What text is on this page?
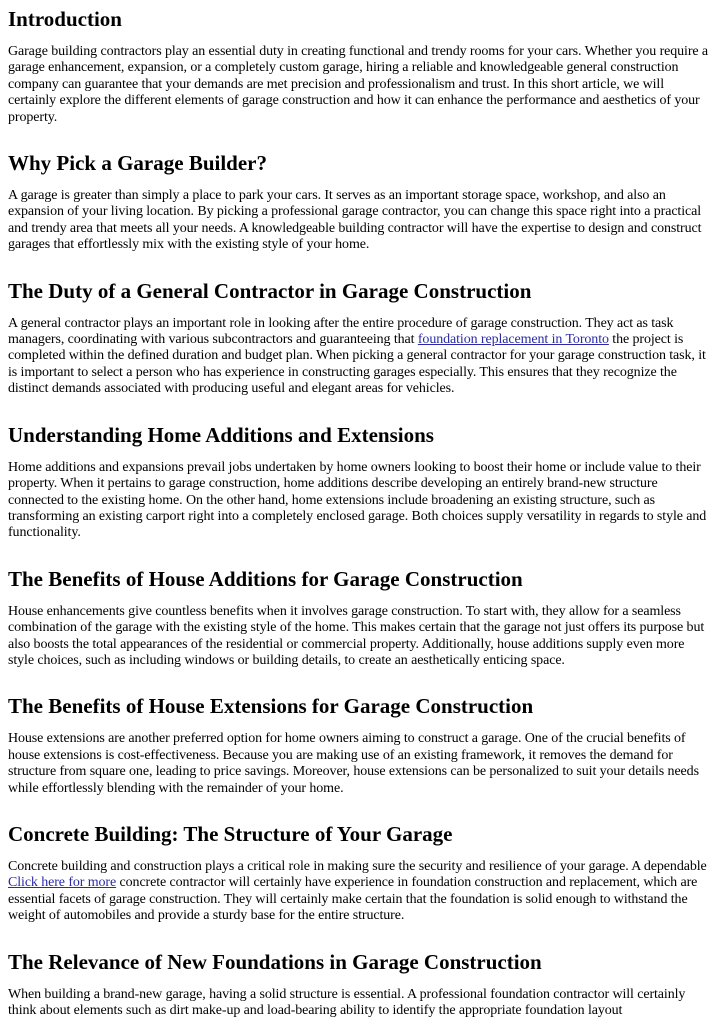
Introduction

Garage building contractors play an essential duty in creating functional and trendy rooms for your cars. Whether you require a garage enhancement, expansion, or a completely custom garage, hiring a reliable and knowledgeable general construction company can guarantee that your demands are met precision and professionalism and trust. In this short article, we will certainly explore the different elements of garage construction and how it can enhance the performance and aesthetics of your property.

Why Pick a Garage Builder?

A garage is greater than simply a place to park your cars. It serves as an important storage space, workshop, and also an expansion of your living location. By picking a professional garage contractor, you can change this space right into a practical and trendy area that meets all your needs. A knowledgeable building contractor will have the expertise to design and construct garages that effortlessly mix with the existing style of your home.

The Duty of a General Contractor in Garage Construction

A general contractor plays an important role in looking after the entire procedure of garage construction. They act as task managers, coordinating with various subcontractors and guaranteeing that foundation replacement in Toronto the project is completed within the defined duration and budget plan. When picking a general contractor for your garage construction task, it is important to select a person who has experience in constructing garages especially. This ensures that they recognize the distinct demands associated with producing useful and elegant areas for vehicles.

Understanding Home Additions and Extensions

Home additions and expansions prevail jobs undertaken by home owners looking to boost their home or include value to their property. When it pertains to garage construction, home additions describe developing an entirely brand-new structure connected to the existing home. On the other hand, home extensions include broadening an existing structure, such as transforming an existing carport right into a completely enclosed garage. Both choices supply versatility in regards to style and functionality.

The Benefits of House Additions for Garage Construction

House enhancements give countless benefits when it involves garage construction. To start with, they allow for a seamless combination of the garage with the existing style of the home. This makes certain that the garage not just offers its purpose but also boosts the total appearances of the residential or commercial property. Additionally, house additions supply even more style choices, such as including windows or building details, to create an aesthetically enticing space.

The Benefits of House Extensions for Garage Construction

House extensions are another preferred option for home owners aiming to construct a garage. One of the crucial benefits of house extensions is cost-effectiveness. Because you are making use of an existing framework, it removes the demand for structure from square one, leading to price savings. Moreover, house extensions can be personalized to suit your details needs while effortlessly blending with the remainder of your home.

Concrete Building: The Structure of Your Garage

Concrete building and construction plays a critical role in making sure the security and resilience of your garage. A dependable Click here for more concrete contractor will certainly have experience in foundation construction and replacement, which are essential facets of garage construction. They will certainly make certain that the foundation is solid enough to withstand the weight of automobiles and provide a sturdy base for the entire structure.

The Relevance of New Foundations in Garage Construction

When building a brand-new garage, having a solid structure is essential. A professional foundation contractor will certainly think about elements such as dirt make-up and load-bearing ability to identify the appropriate foundation layout
